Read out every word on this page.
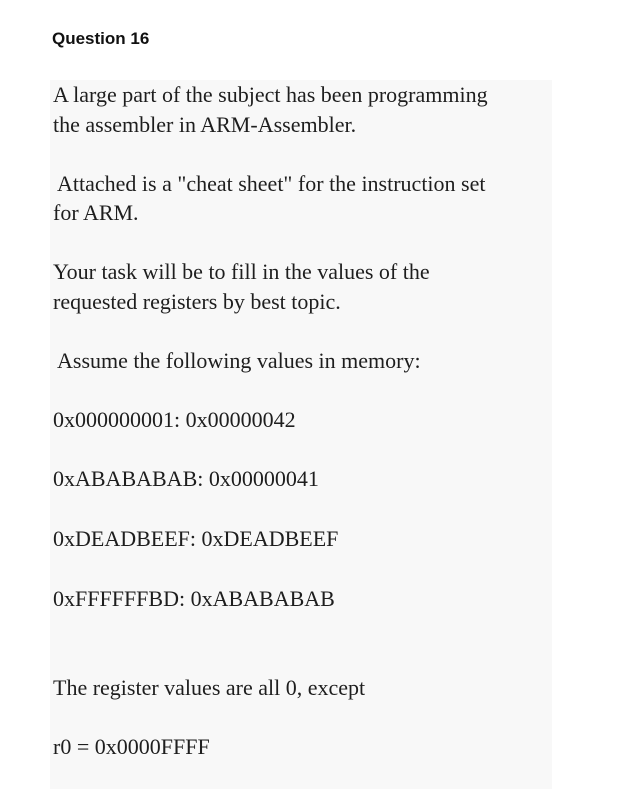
Question 16
A large part of the subject has been programming
the assembler in ARM-Assembler.
Attached is a "cheat sheet" for the instruction set
for ARM.
Your task will be to fill in the values of the
requested registers by best topic.
Assume the following values in memory:
0x000000001: 0x00000042
0xABABABAB: 0x00000041
0xDEADBEEF: 0xDEADBEEF
0xFFFFFFBD: 0xABABABAB
The register values are all 0, except
r0 = 0x0000FFFF
